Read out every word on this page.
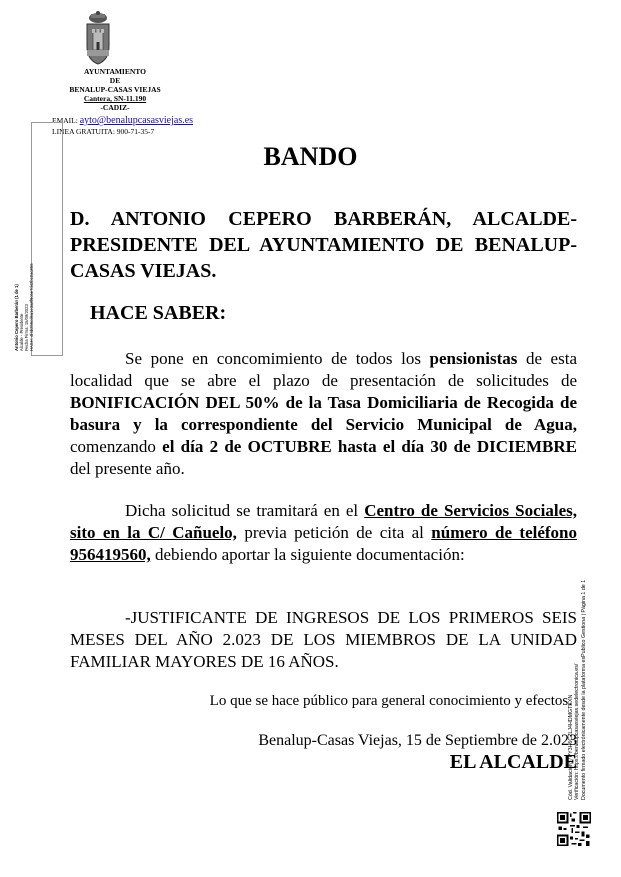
AYUNTAMIENTO
DE
BENALUP-CASAS VIEJAS
Cantera, SN-11.190
-CADIZ-
EMAIL: ayto@benalupcasasviejas.es
LINEA GRATUITA: 900-71-35-7
Antonio Cepero Barberán (1 de 1) Alcalde - Presidente Fecha Firma: 15/09/2023 HASH: 4f4b2b5cd6a1e3a8f9c6e7d42bc0ac855
BANDO
D. ANTONIO CEPERO BARBERÁN, ALCALDE-PRESIDENTE DEL AYUNTAMIENTO DE BENALUP-CASAS VIEJAS.
HACE SABER:
Se pone en concomimiento de todos los pensionistas de esta localidad que se abre el plazo de presentación de solicitudes de BONIFICACIÓN DEL 50% de la Tasa Domiciliaria de Recogida de basura y la correspondiente del Servicio Municipal de Agua, comenzando el día 2 de OCTUBRE hasta el día 30 de DICIEMBRE del presente año.
Dicha solicitud se tramitará en el Centro de Servicios Sociales, sito en la C/ Cañuelo, previa petición de cita al número de teléfono 956419560, debiendo aportar la siguiente documentación:
-JUSTIFICANTE DE INGRESOS DE LOS PRIMEROS SEIS MESES DEL AÑO 2.023 DE LOS MIEMBROS DE LA UNIDAD FAMILIAR MAYORES DE 16 AÑOS.
Lo que se hace público para general conocimiento y efectos.
Benalup-Casas Viejas, 15 de Septiembre de 2.023
EL ALCALDE
Cód. Validación: 7PY3H5CZLJ4HDMGTEXN Verificación: https://benalupcasasviejas.sedelectronica.es/ Documento firmado electrónicamente desde la plataforma esPublico Gestiona | Página 1 de 1
